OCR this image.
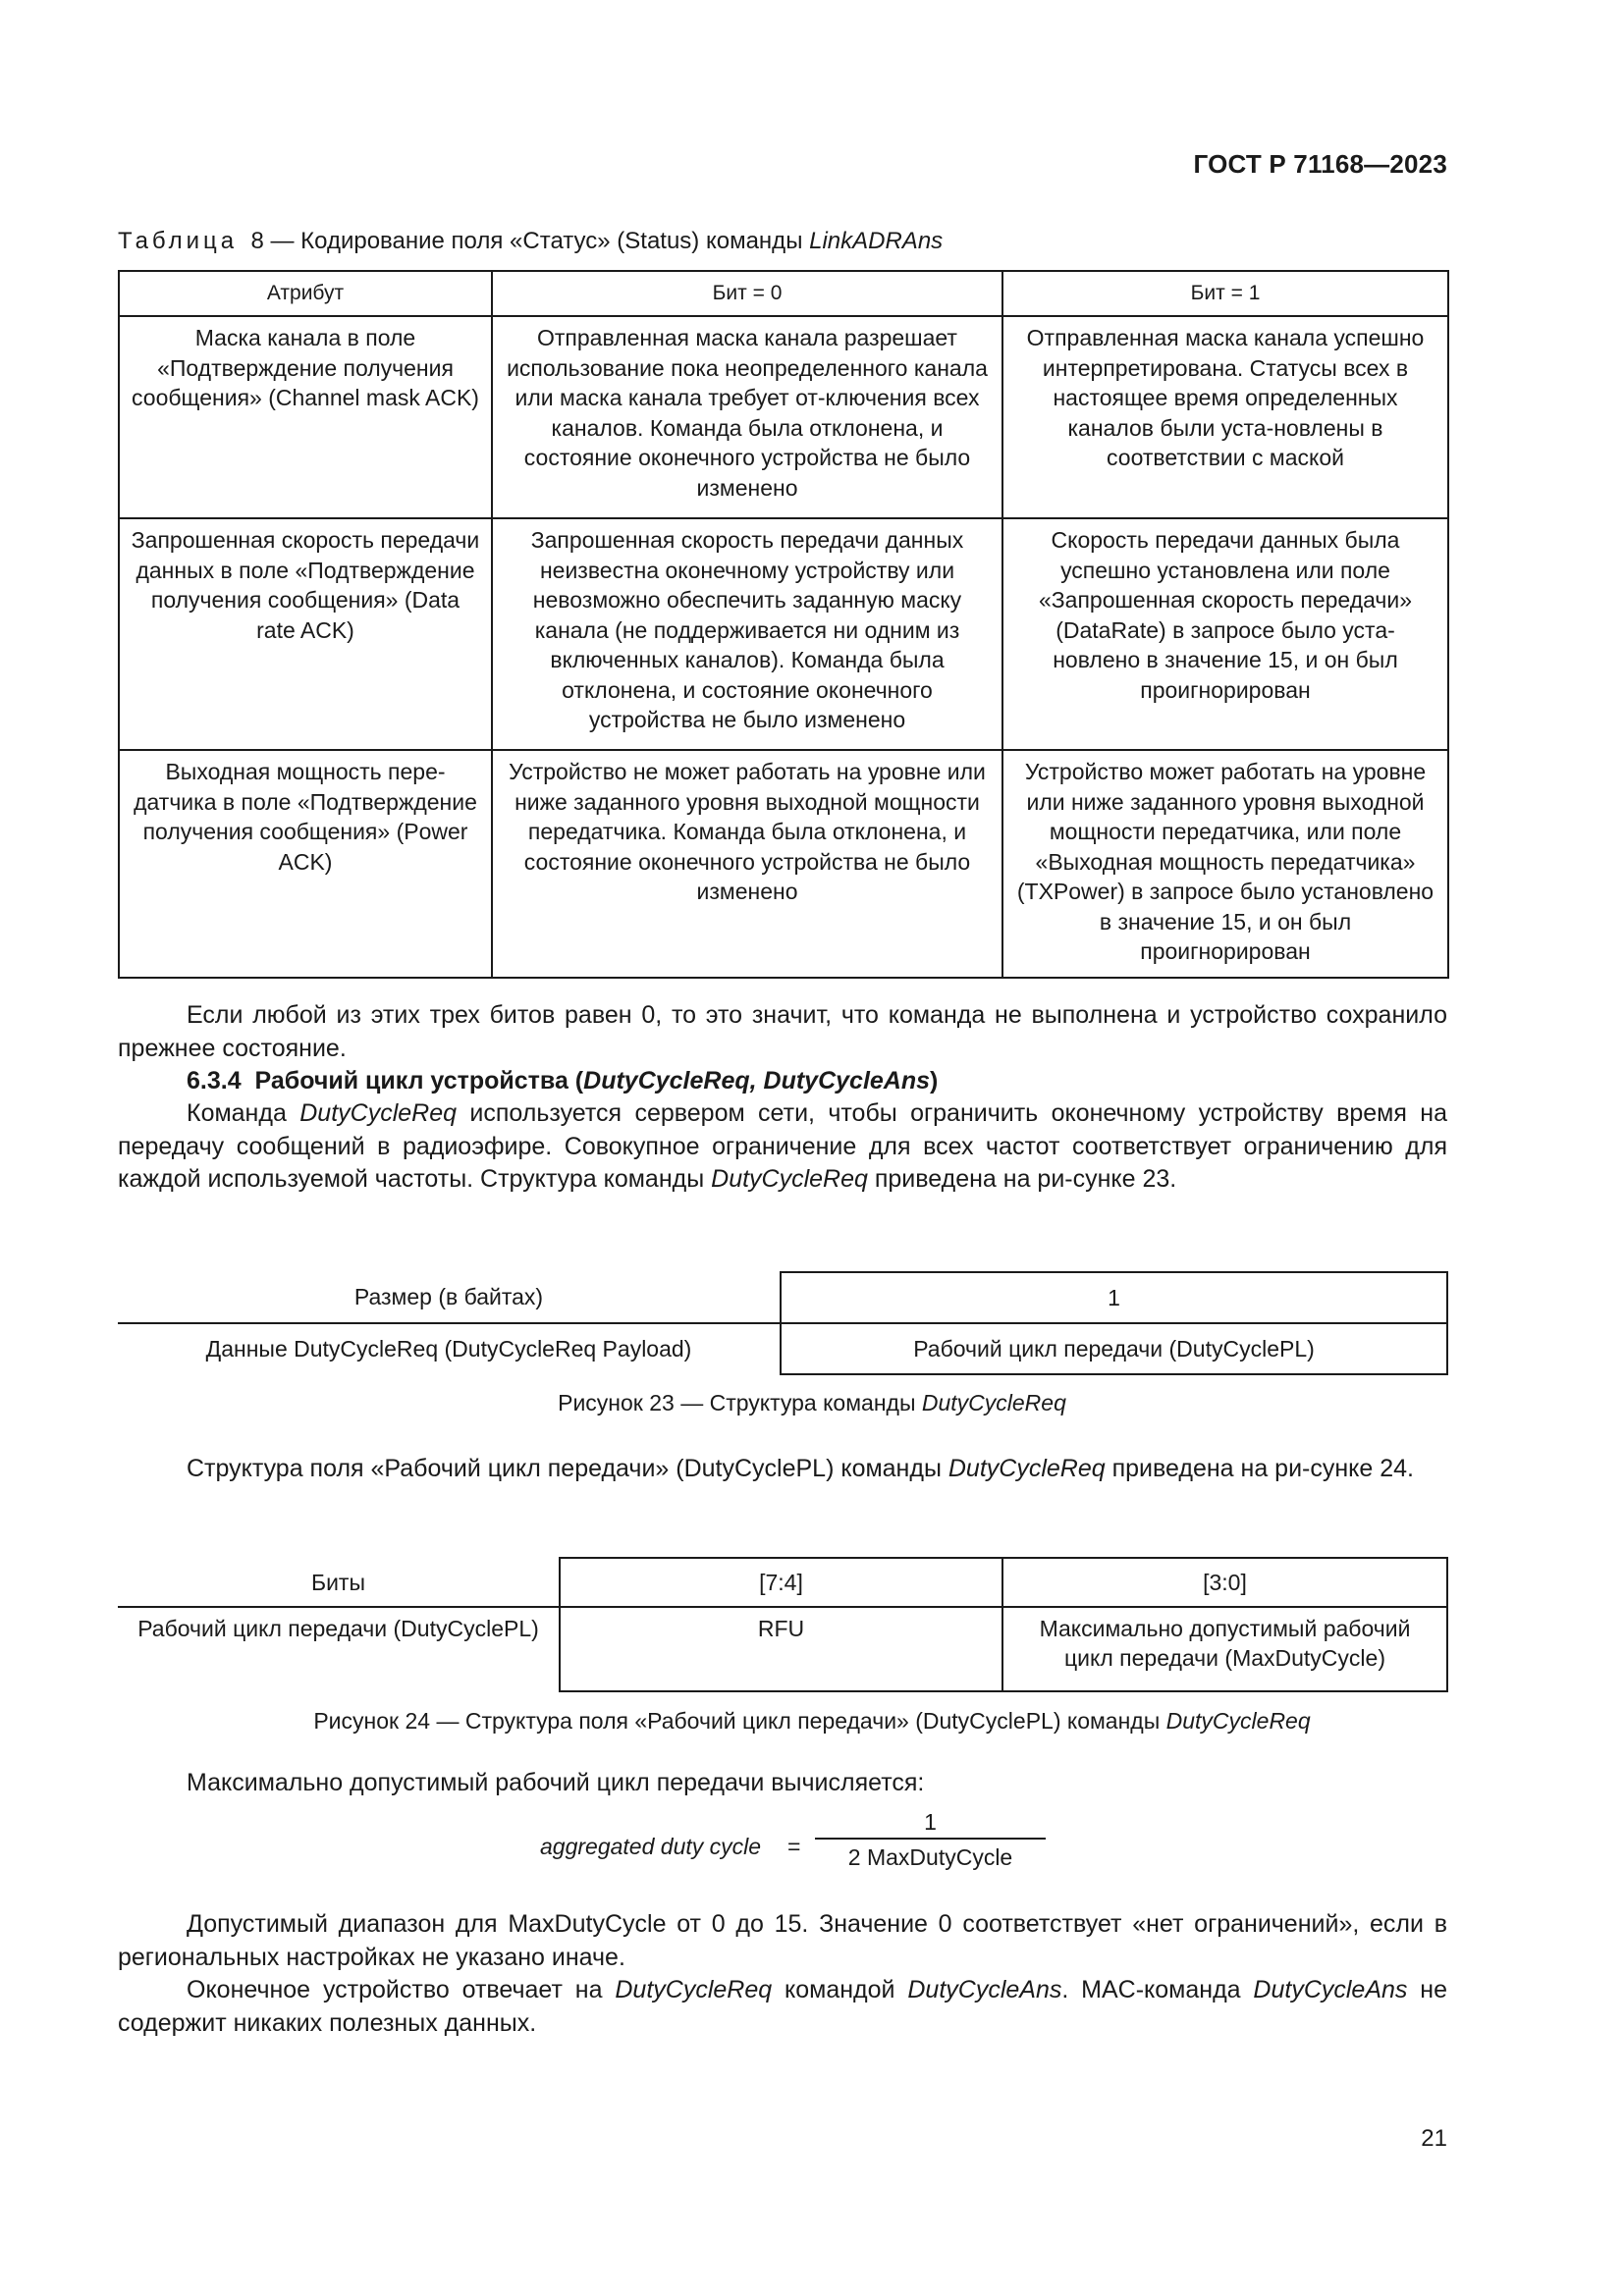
ГОСТ Р 71168—2023
Таблица 8 — Кодирование поля «Статус» (Status) команды LinkADRAns
Атрибут	Бит = 0	Бит = 1
Маска канала в поле «Подтверждение получения сообщения» (Channel mask ACK)	Отправленная маска канала разрешает использование пока неопределенного канала или маска канала требует от-ключения всех каналов. Команда была отклонена, и состояние оконечного устройства не было изменено	Отправленная маска канала успешно интерпретирована. Статусы всех в настоящее время определенных каналов были уста-новлены в соответствии с маской
Запрошенная скорость передачи данных в поле «Подтверждение получения сообщения» (Data rate ACK)	Запрошенная скорость передачи данных неизвестна оконечному устройству или невозможно обеспечить заданную маску канала (не поддерживается ни одним из включенных каналов). Команда была отклонена, и состояние оконечного устройства не было изменено	Скорость передачи данных была успешно установлена или поле «Запрошенная скорость передачи» (DataRate) в запросе было уста-новлено в значение 15, и он был проигнорирован
Выходная мощность пере-датчика в поле «Подтверждение получения сообщения» (Power ACK)	Устройство не может работать на уровне или ниже заданного уровня выходной мощности передатчика. Команда была отклонена, и состояние оконечного устройства не было изменено	Устройство может работать на уровне или ниже заданного уровня выходной мощности передатчика, или поле «Выходная мощность передатчика» (TXPower) в запросе было установлено в значение 15, и он был проигнорирован
Если любой из этих трех битов равен 0, то это значит, что команда не выполнена и устройство сохранило прежнее состояние.
6.3.4 Рабочий цикл устройства (DutyCycleReq, DutyCycleAns)
Команда DutyCycleReq используется сервером сети, чтобы ограничить оконечному устройству время на передачу сообщений в радиоэфире. Совокупное ограничение для всех частот соответствует ограничению для каждой используемой частоты. Структура команды DutyCycleReq приведена на ри-сунке 23.
Размер (в байтах)	1
Данные DutyCycleReq (DutyCycleReq Payload)	Рабочий цикл передачи (DutyCyclePL)
Рисунок 23 — Структура команды DutyCycleReq
Структура поля «Рабочий цикл передачи» (DutyCyclePL) команды DutyCycleReq приведена на ри-сунке 24.
Биты	[7:4]	[3:0]
Рабочий цикл передачи (DutyCyclePL)	RFU	Максимально допустимый рабочий цикл передачи (MaxDutyCycle)
Рисунок 24 — Структура поля «Рабочий цикл передачи» (DutyCyclePL) команды DutyCycleReq
Максимально допустимый рабочий цикл передачи вычисляется:
aggregated duty cycle =
1
2 MaxDutyCycle
Допустимый диапазон для MaxDutyCycle от 0 до 15. Значение 0 соответствует «нет ограничений», если в региональных настройках не указано иначе.
Оконечное устройство отвечает на DutyCycleReq командой DutyCycleAns. MAC-команда DutyCycleAns не содержит никаких полезных данных.
21
